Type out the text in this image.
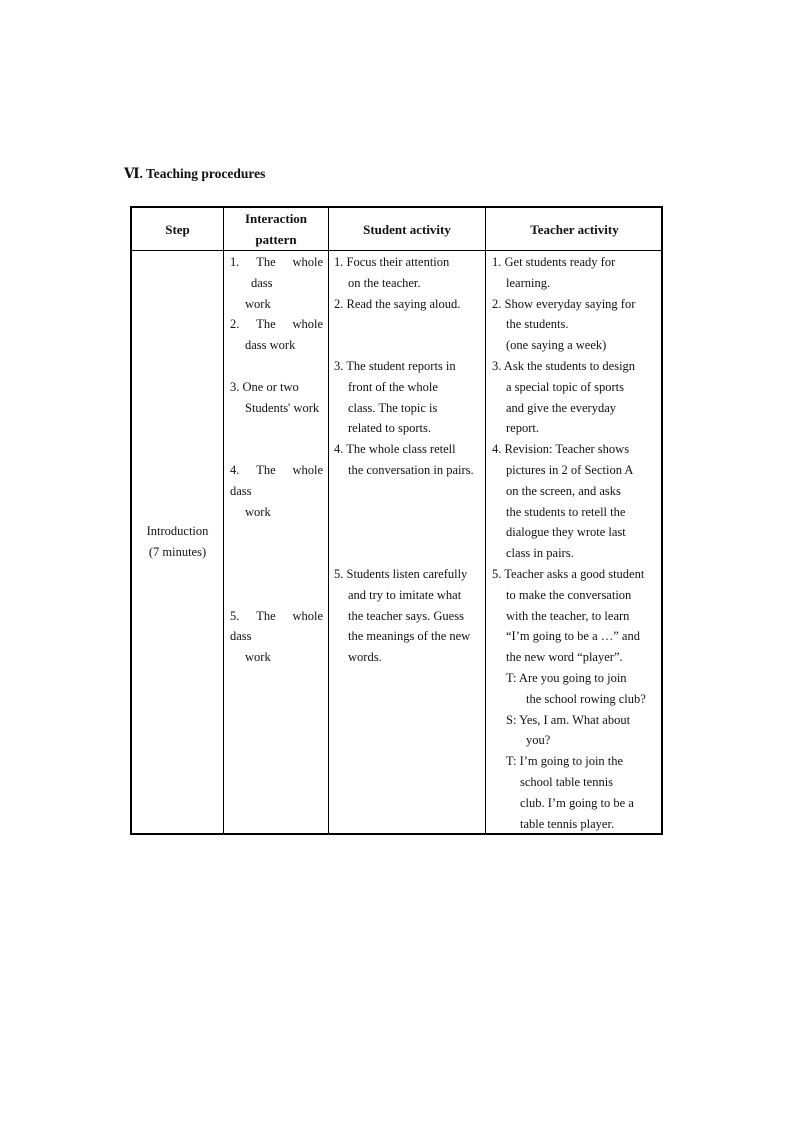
Ⅵ. Teaching procedures
Step
Interaction
pattern
Student activity	Teacher activity
Introduction
(7 minutes)
1. The whole
dass
work
2. The whole
dass work
3. One or two
Students' work
4. The whole
dass
work
5. The whole
dass
work
1. Focus their attention
on the teacher.
2. Read the saying aloud.
3. The student reports in
front of the whole
class. The topic is
related to sports.
4. The whole class retell
the conversation in pairs.
5. Students listen carefully
and try to imitate what
the teacher says. Guess
the meanings of the new
words.
1. Get students ready for
learning.
2. Show everyday saying for
the students.
(one saying a week)
3. Ask the students to design
a special topic of sports
and give the everyday
report.
4. Revision: Teacher shows
pictures in 2 of Section A
on the screen, and asks
the students to retell the
dialogue they wrote last
class in pairs.
5. Teacher asks a good student
to make the conversation
with the teacher, to learn
“I’m going to be a …” and
the new word “player”.
T: Are you going to join
the school rowing club?
S: Yes, I am. What about
you?
T: I’m going to join the
school table tennis
club. I’m going to be a
table tennis player.
